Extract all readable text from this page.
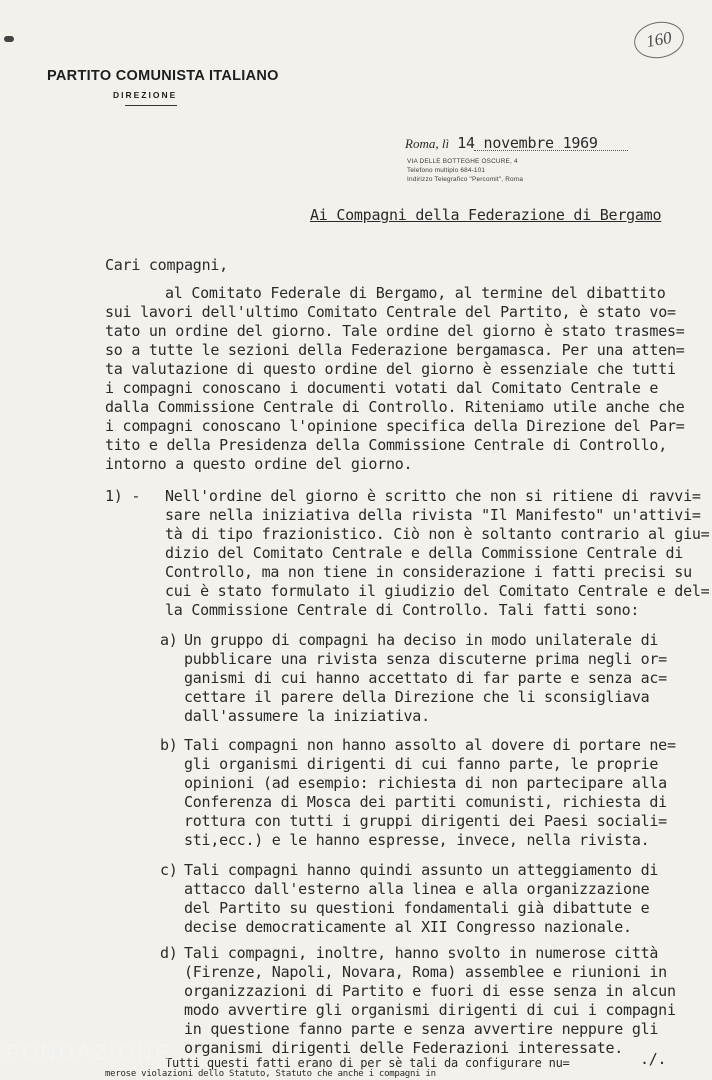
160
PARTITO COMUNISTA ITALIANO
DIREZIONE
Roma, lì 14 novembre 1969
VIA DELLE BOTTEGHE OSCURE, 4
Telefono multiplo 684-101
Indirizzo Telegrafico "Percomit", Roma
Ai Compagni della Federazione di Bergamo
Cari compagni,
al Comitato Federale di Bergamo, al termine del dibattito
sui lavori dell'ultimo Comitato Centrale del Partito, è stato vo=
tato un ordine del giorno. Tale ordine del giorno è stato trasmes=
so a tutte le sezioni della Federazione bergamasca. Per una atten=
ta valutazione di questo ordine del giorno è essenziale che tutti
i compagni conoscano i documenti votati dal Comitato Centrale e
dalla Commissione Centrale di Controllo. Riteniamo utile anche che
i compagni conoscano l'opinione specifica della Direzione del Par=
tito e della Presidenza della Commissione Centrale di Controllo,
intorno a questo ordine del giorno.
1) - Nell'ordine del giorno è scritto che non si ritiene di ravvi=
sare nella iniziativa della rivista "Il Manifesto" un'attivi=
tà di tipo frazionistico. Ciò non è soltanto contrario al giu=
dizio del Comitato Centrale e della Commissione Centrale di
Controllo, ma non tiene in considerazione i fatti precisi su
cui è stato formulato il giudizio del Comitato Centrale e del=
la Commissione Centrale di Controllo. Tali fatti sono:
a) Un gruppo di compagni ha deciso in modo unilaterale di
pubblicare una rivista senza discuterne prima negli or=
ganismi di cui hanno accettato di far parte e senza ac=
cettare il parere della Direzione che li sconsigliava
dall'assumere la iniziativa.
b) Tali compagni non hanno assolto al dovere di portare ne=
gli organismi dirigenti di cui fanno parte, le proprie
opinioni (ad esempio: richiesta di non partecipare alla
Conferenza di Mosca dei partiti comunisti, richiesta di
rottura con tutti i gruppi dirigenti dei Paesi sociali=
sti,ecc.) e le hanno espresse, invece, nella rivista.
c) Tali compagni hanno quindi assunto un atteggiamento di
attacco dall'esterno alla linea e alla organizzazione
del Partito su questioni fondamentali già dibattute e
decise democraticamente al XII Congresso nazionale.
d) Tali compagni, inoltre, hanno svolto in numerose città
(Firenze, Napoli, Novara, Roma) assemblee e riunioni in
organizzazioni di Partito e fuori di esse senza in alcun
modo avvertire gli organismi dirigenti di cui i compagni
in questione fanno parte e senza avvertire neppure gli
organismi dirigenti delle Federazioni interessate.
Tutti questi fatti erano di per sè tali da configurare nu=
merose violazioni dello Statuto, Statuto che anche i compagni in
./.
FONDAZIONE
